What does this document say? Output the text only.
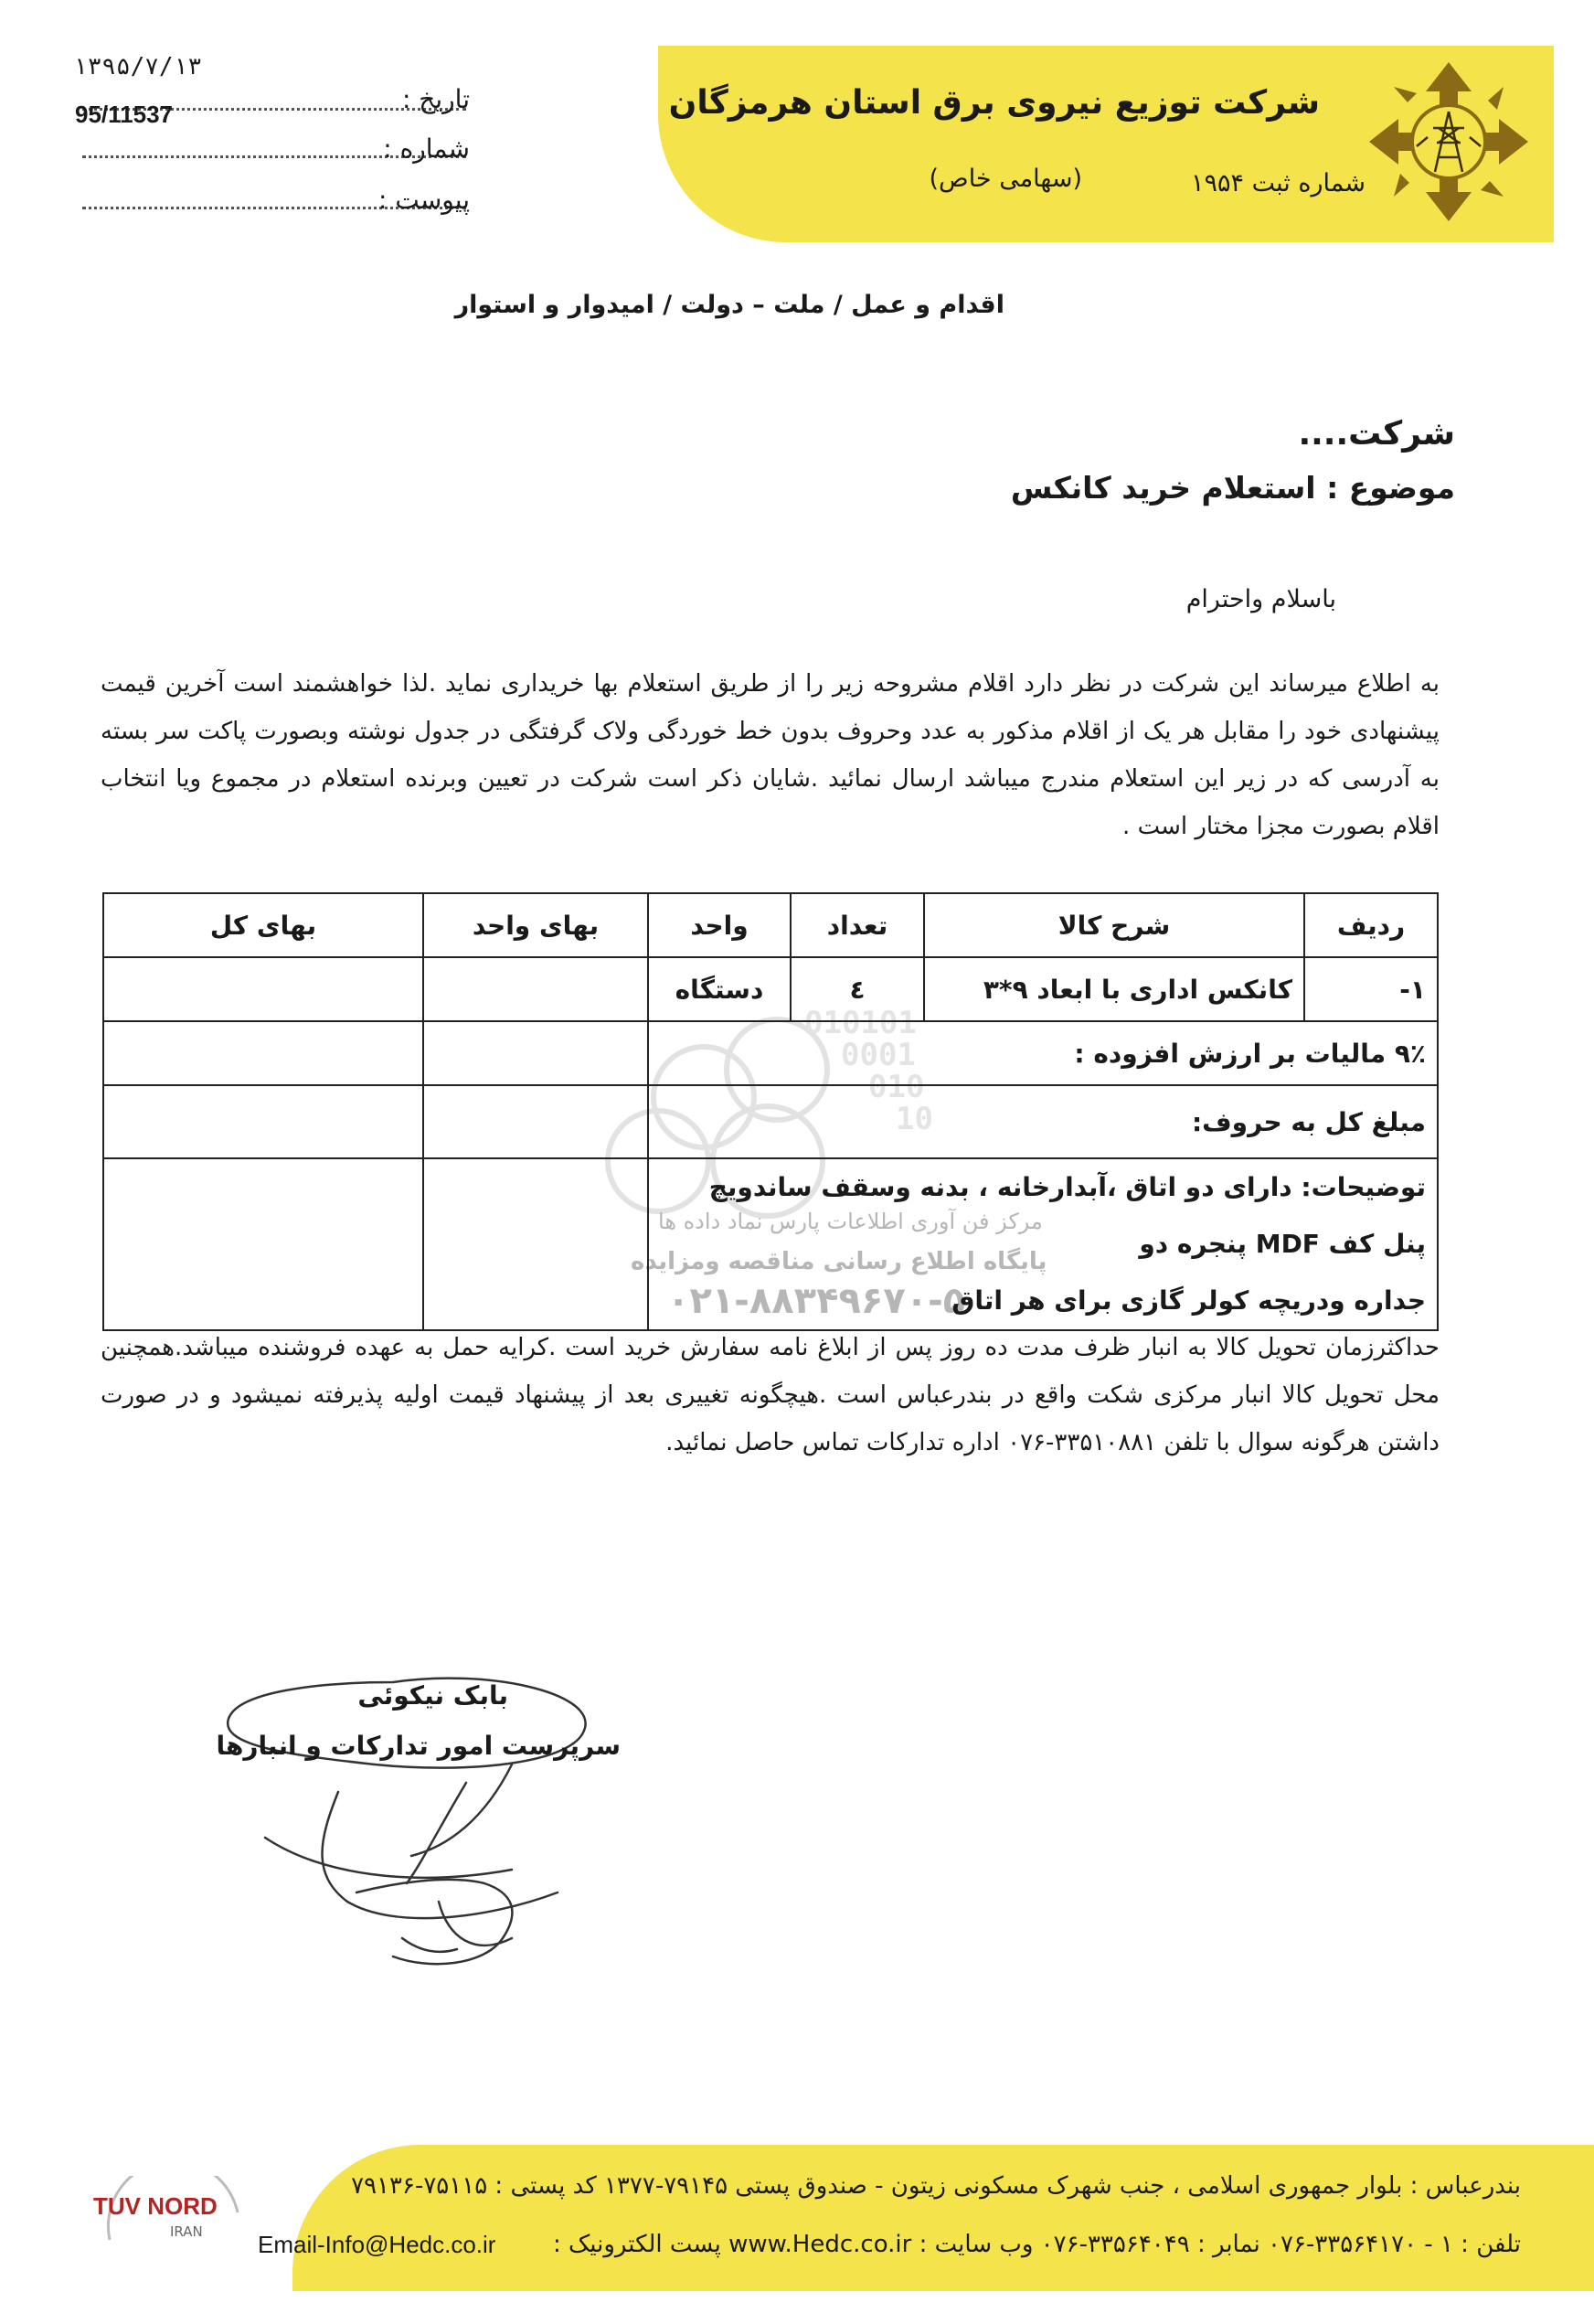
شرکت توزیع نیروی برق استان هرمزگان
(سهامی خاص)	شماره ثبت ۱۹۵۴
۱۳۹۵/۷/۱۳
تاریخ :
95/11537
شماره :
پیوست :
اقدام و عمل / ملت – دولت / امیدوار و استوار
شرکت....
موضوع : استعلام خرید کانکس
باسلام واحترام
به اطلاع میرساند این شرکت در نظر دارد اقلام مشروحه زیر را از طریق استعلام بها خریداری نماید .لذا خواهشمند است آخرین قیمت پیشنهادی خود را مقابل هر یک از اقلام مذکور به عدد وحروف بدون خط خوردگی ولاک گرفتگی در جدول نوشته وبصورت پاکت سر بسته به آدرسی که در زیر این استعلام مندرج میباشد ارسال نمائید .شایان ذکر است شرکت در تعیین وبرنده استعلام در مجموع ویا انتخاب اقلام بصورت مجزا مختار است .
010101
0001
010
10
مرکز فن آوری اطلاعات پارس نماد داده ها
پایگاه اطلاع رسانی مناقصه ومزایده
۰۲۱-۸۸۳۴۹۶۷۰-۵
ردیف	شرح کالا	تعداد	واحد	بهای واحد	بهای کل
۱-	کانکس اداری با ابعاد ۹*۳	٤	دستگاه		
۹٪ مالیات بر ارزش افزوده :					
مبلغ کل به حروف:					

توضیحات: دارای دو اتاق ،آبدارخانه ، بدنه وسقف ساندویچ پنل کف MDF پنجره دو
جداره ودریچه کولر گازی برای هر اتاق					

حداکثرزمان تحویل کالا به انبار ظرف مدت ده روز پس از ابلاغ نامه سفارش خرید است .کرایه حمل به عهده فروشنده میباشد.همچنین محل تحویل کالا انبار مرکزی شکت واقع در بندرعباس است .هیچگونه تغییری بعد از پیشنهاد قیمت اولیه پذیرفته نمیشود و در صورت داشتن هرگونه سوال با تلفن ۳۳۵۱۰۸۸۱-۰۷۶ اداره تدارکات تماس حاصل نمائید.
بابک نیکوئی
سرپرست امور تدارکات و انبارها
بندرعباس : بلوار جمهوری اسلامی ، جنب شهرک مسکونی زیتون - صندوق پستی ۷۹۱۴۵-۱۳۷۷ کد پستی : ۷۵۱۱۵-۷۹۱۳۶
تلفن : ۱ - ۳۳۵۶۴۱۷۰-۰۷۶ نمابر : ۳۳۵۶۴۰۴۹-۰۷۶ وب سایت : www.Hedc.co.ir پست الکترونیک :
Email-Info@Hedc.co.ir
TUV NORD
IRAN
